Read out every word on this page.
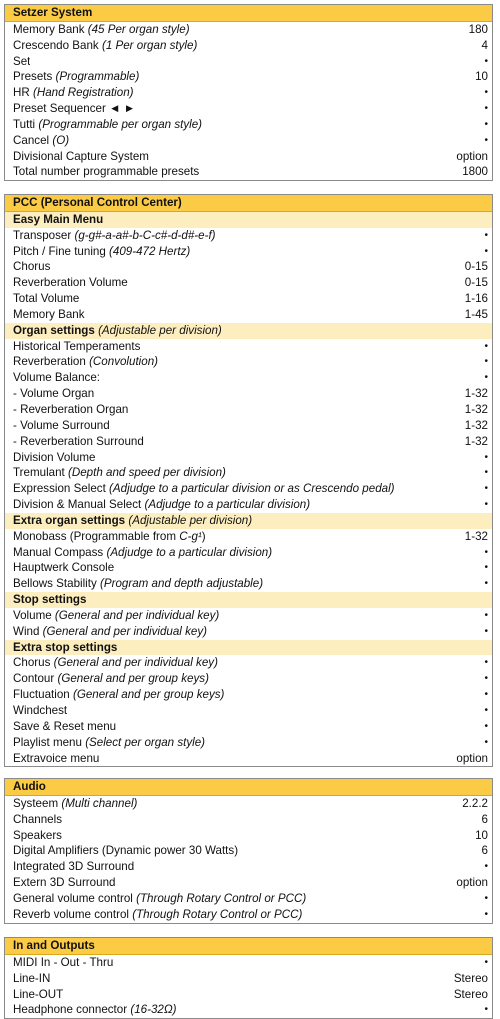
Setzer System
Memory Bank (45 Per organ style)	180
Crescendo Bank (1 Per organ style)	4
Set	•
Presets (Programmable)	10
HR (Hand Registration)	•
Preset Sequencer ◄ ►	•
Tutti (Programmable per organ style)	•
Cancel (O)	•
Divisional Capture System	option
Total number programmable presets	1800
PCC (Personal Control Center)
Easy Main Menu
Transposer (g-g#-a-a#-b-C-c#-d-d#-e-f)	•
Pitch / Fine tuning (409-472 Hertz)	•
Chorus	0-15
Reverberation Volume	0-15
Total Volume	1-16
Memory Bank	1-45
Organ settings (Adjustable per division)
Historical Temperaments	•
Reverberation (Convolution)	•
Volume Balance:	•
- Volume Organ	1-32
- Reverberation Organ	1-32
- Volume Surround	1-32
- Reverberation Surround	1-32
Division Volume	•
Tremulant (Depth and speed per division)	•
Expression Select (Adjudge to a particular division or as Crescendo pedal)	•
Division & Manual Select (Adjudge to a particular division)	•
Extra organ settings (Adjustable per division)
Monobass (Programmable from C-g¹)	1-32
Manual Compass (Adjudge to a particular division)	•
Hauptwerk Console	•
Bellows Stability (Program and depth adjustable)	•
Stop settings
Volume (General and per individual key)	•
Wind (General and per individual key)	•
Extra stop settings
Chorus (General and per individual key)	•
Contour (General and per group keys)	•
Fluctuation (General and per group keys)	•
Windchest	•
Save & Reset menu	•
Playlist menu (Select per organ style)	•
Extravoice menu	option
Audio
Systeem (Multi channel)	2.2.2
Channels	6
Speakers	10
Digital Amplifiers (Dynamic power 30 Watts)	6
Integrated 3D Surround	•
Extern 3D Surround	option
General volume control (Through Rotary Control or PCC)	•
Reverb volume control (Through Rotary Control or PCC)	•
In and Outputs
MIDI In - Out - Thru	•
Line-IN	Stereo
Line-OUT	Stereo
Headphone connector (16-32Ω)	•
